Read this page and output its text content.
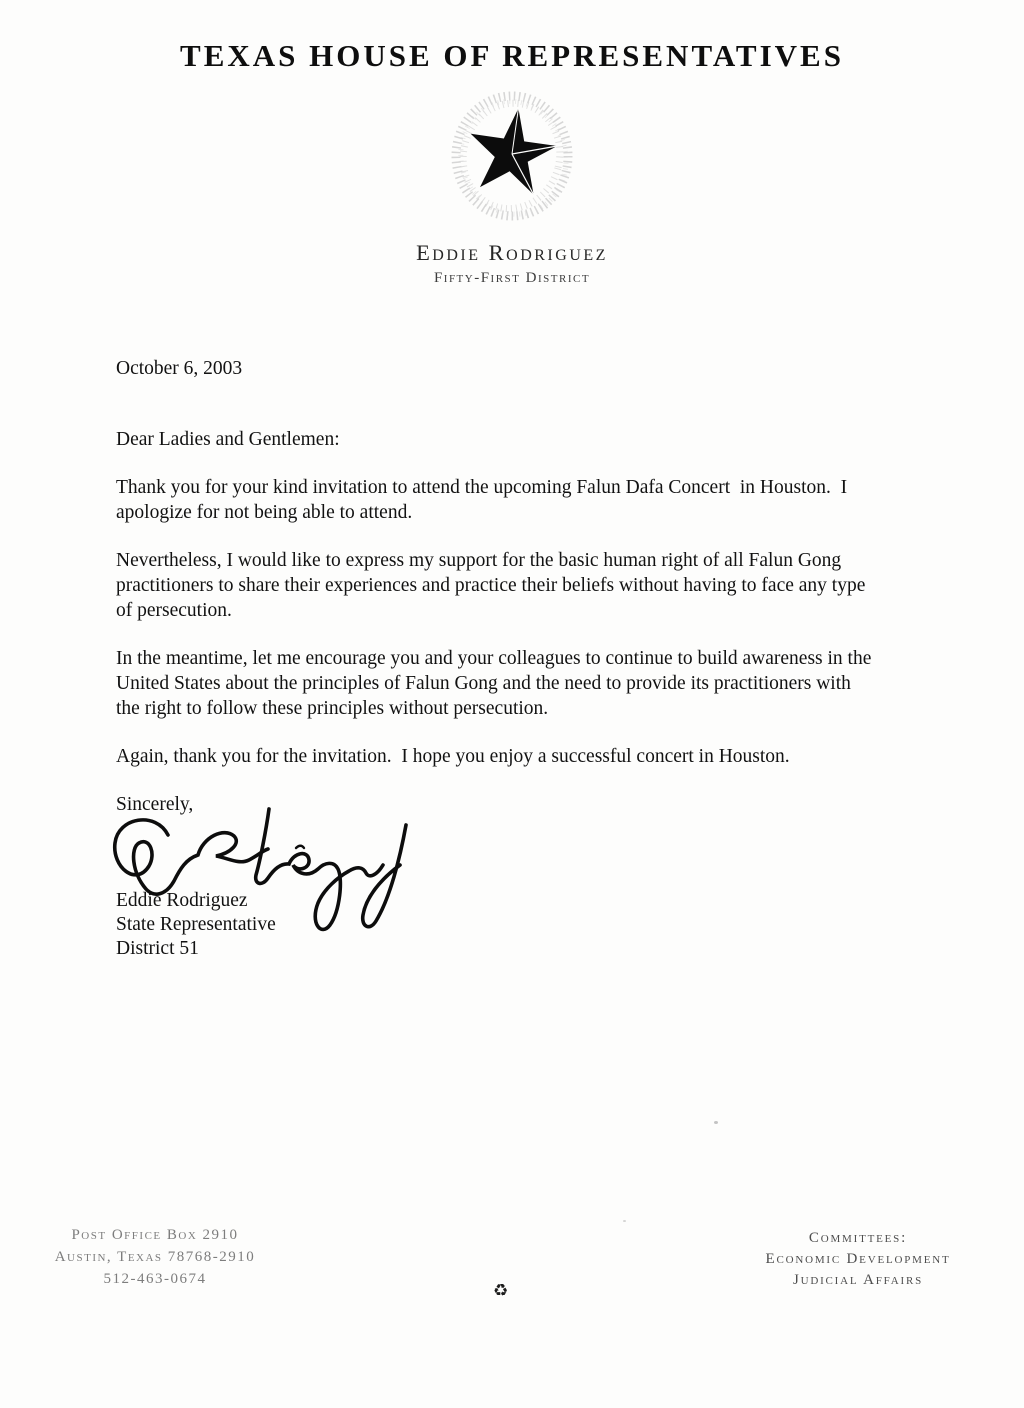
TEXAS HOUSE OF REPRESENTATIVES
Eddie Rodriguez
Fifty-First District
October 6, 2003
Dear Ladies and Gentlemen:
Thank you for your kind invitation to attend the upcoming Falun Dafa Concert  in Houston.  I
apologize for not being able to attend.
Nevertheless, I would like to express my support for the basic human right of all Falun Gong
practitioners to share their experiences and practice their beliefs without having to face any type
of persecution.
In the meantime, let me encourage you and your colleagues to continue to build awareness in the
United States about the principles of Falun Gong and the need to provide its practitioners with
the right to follow these principles without persecution.
Again, thank you for the invitation.  I hope you enjoy a successful concert in Houston.
Sincerely,
Eddie Rodriguez
State Representative
District 51
Post Office Box 2910
Austin, Texas 78768-2910
512-463-0674
Committees:
Economic Development
Judicial Affairs
♻
